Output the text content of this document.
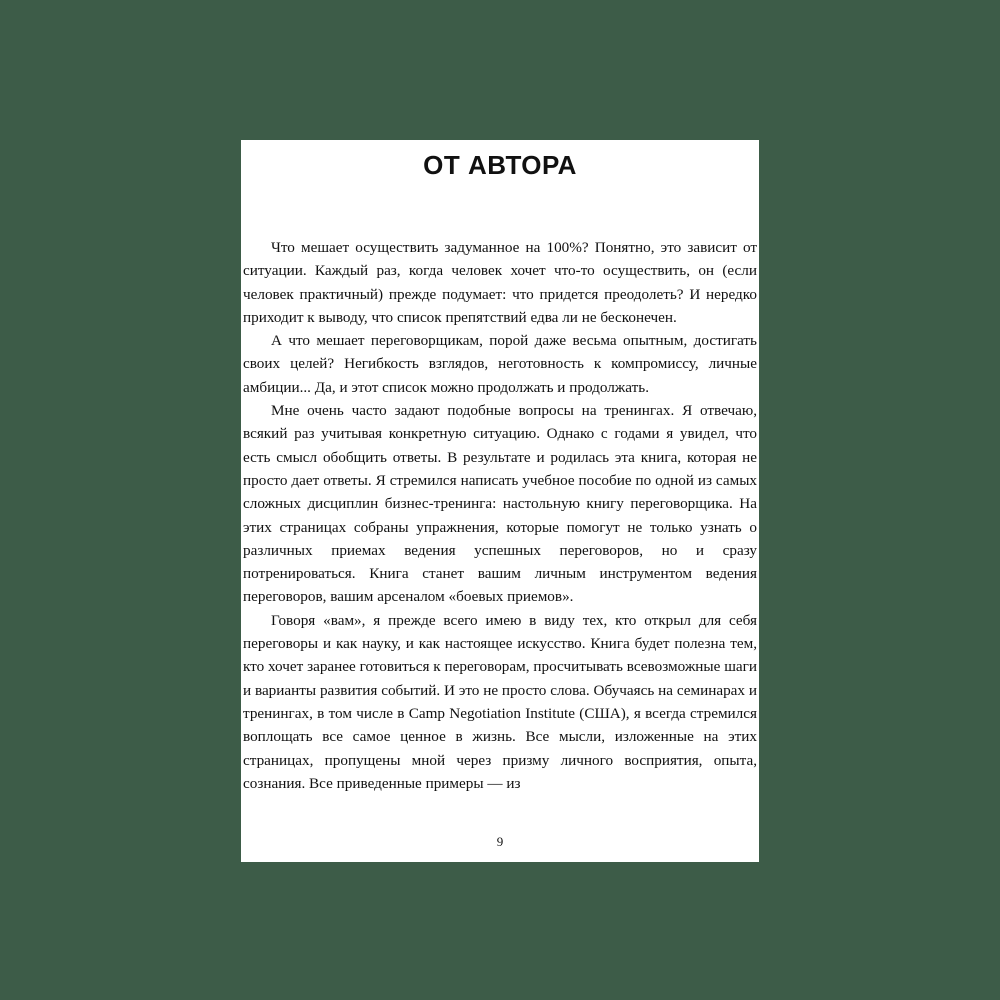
ОТ АВТОРА

Что мешает осуществить задуманное на 100%? Понятно, это зависит от ситуации. Каждый раз, когда человек хочет что-то осуществить, он (если человек практичный) прежде подумает: что придется преодолеть? И нередко приходит к выводу, что список препятствий едва ли не бесконечен.

А что мешает переговорщикам, порой даже весьма опытным, достигать своих целей? Негибкость взглядов, неготовность к компромиссу, личные амбиции... Да, и этот список можно продолжать и продолжать.

Мне очень часто задают подобные вопросы на тренингах. Я отвечаю, всякий раз учитывая конкретную ситуацию. Однако с годами я увидел, что есть смысл обобщить ответы. В результате и родилась эта книга, которая не просто дает ответы. Я стремился написать учебное пособие по одной из самых сложных дисциплин бизнес-тренинга: настольную книгу переговорщика. На этих страницах собраны упражнения, которые помогут не только узнать о различных приемах ведения успешных переговоров, но и сразу потренироваться. Книга станет вашим личным инструментом ведения переговоров, вашим арсеналом «боевых приемов».

Говоря «вам», я прежде всего имею в виду тех, кто открыл для себя переговоры и как науку, и как настоящее искусство. Книга будет полезна тем, кто хочет заранее готовиться к переговорам, просчитывать всевозможные шаги и варианты развития событий. И это не просто слова. Обучаясь на семинарах и тренингах, в том числе в Camp Negotiation Institute (США), я всегда стремился воплощать все самое ценное в жизнь. Все мысли, изложенные на этих страницах, пропущены мной через призму личного восприятия, опыта, сознания. Все приведенные примеры — из

9
